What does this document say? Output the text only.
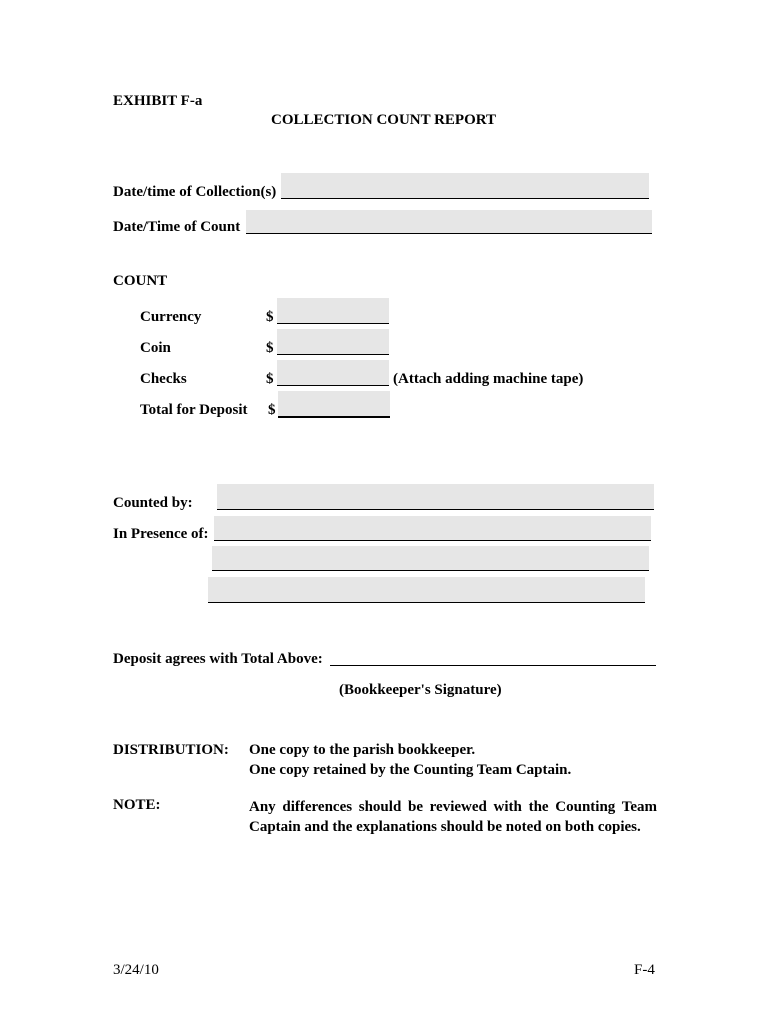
EXHIBIT F-a
COLLECTION COUNT REPORT
Date/time of Collection(s)
Date/Time of Count
COUNT
Currency	$
Coin	$
Checks	$	(Attach adding machine tape)
Total for Deposit $
Counted by:
In Presence of:
Deposit agrees with Total Above:
(Bookkeeper's Signature)
DISTRIBUTION: One copy to the parish bookkeeper.
One copy retained by the Counting Team Captain.
NOTE:	Any differences should be reviewed with the Counting Team Captain and the explanations should be noted on both copies.
3/24/10	F-4
